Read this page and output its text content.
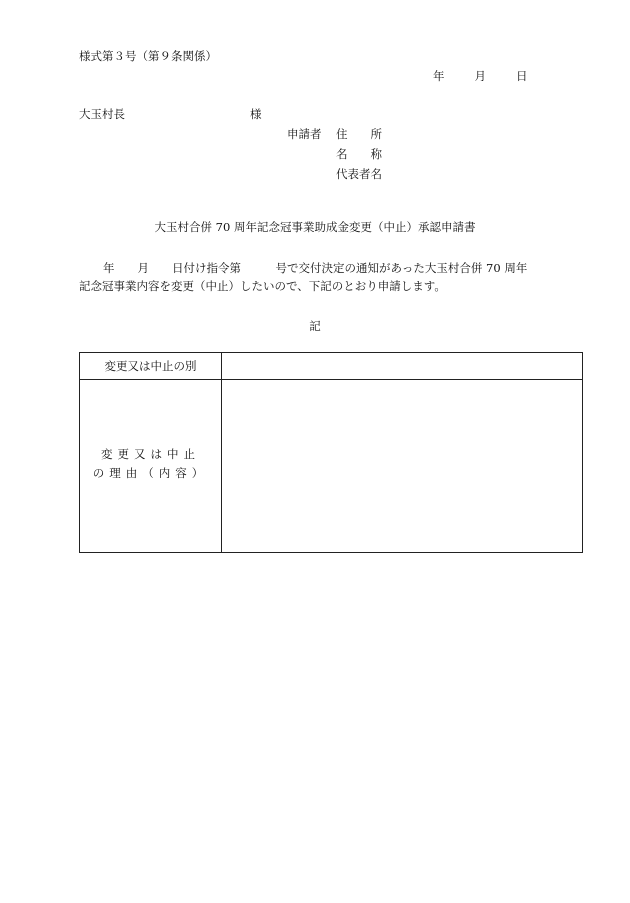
様式第３号（第９条関係）
年	月	日
大玉村長	様
申請者 住　　所
名　　称
代表者名
大玉村合併 70 周年記念冠事業助成金変更（中止）承認申請書

年　　月　　日付け指令第　　　号で交付決定の通知があった大玉村合併 70 周年

記念冠事業内容を変更（中止）したいので、下記のとおり申請します。

記
変更又は中止の別
変更又は中止
の理由（内容）
